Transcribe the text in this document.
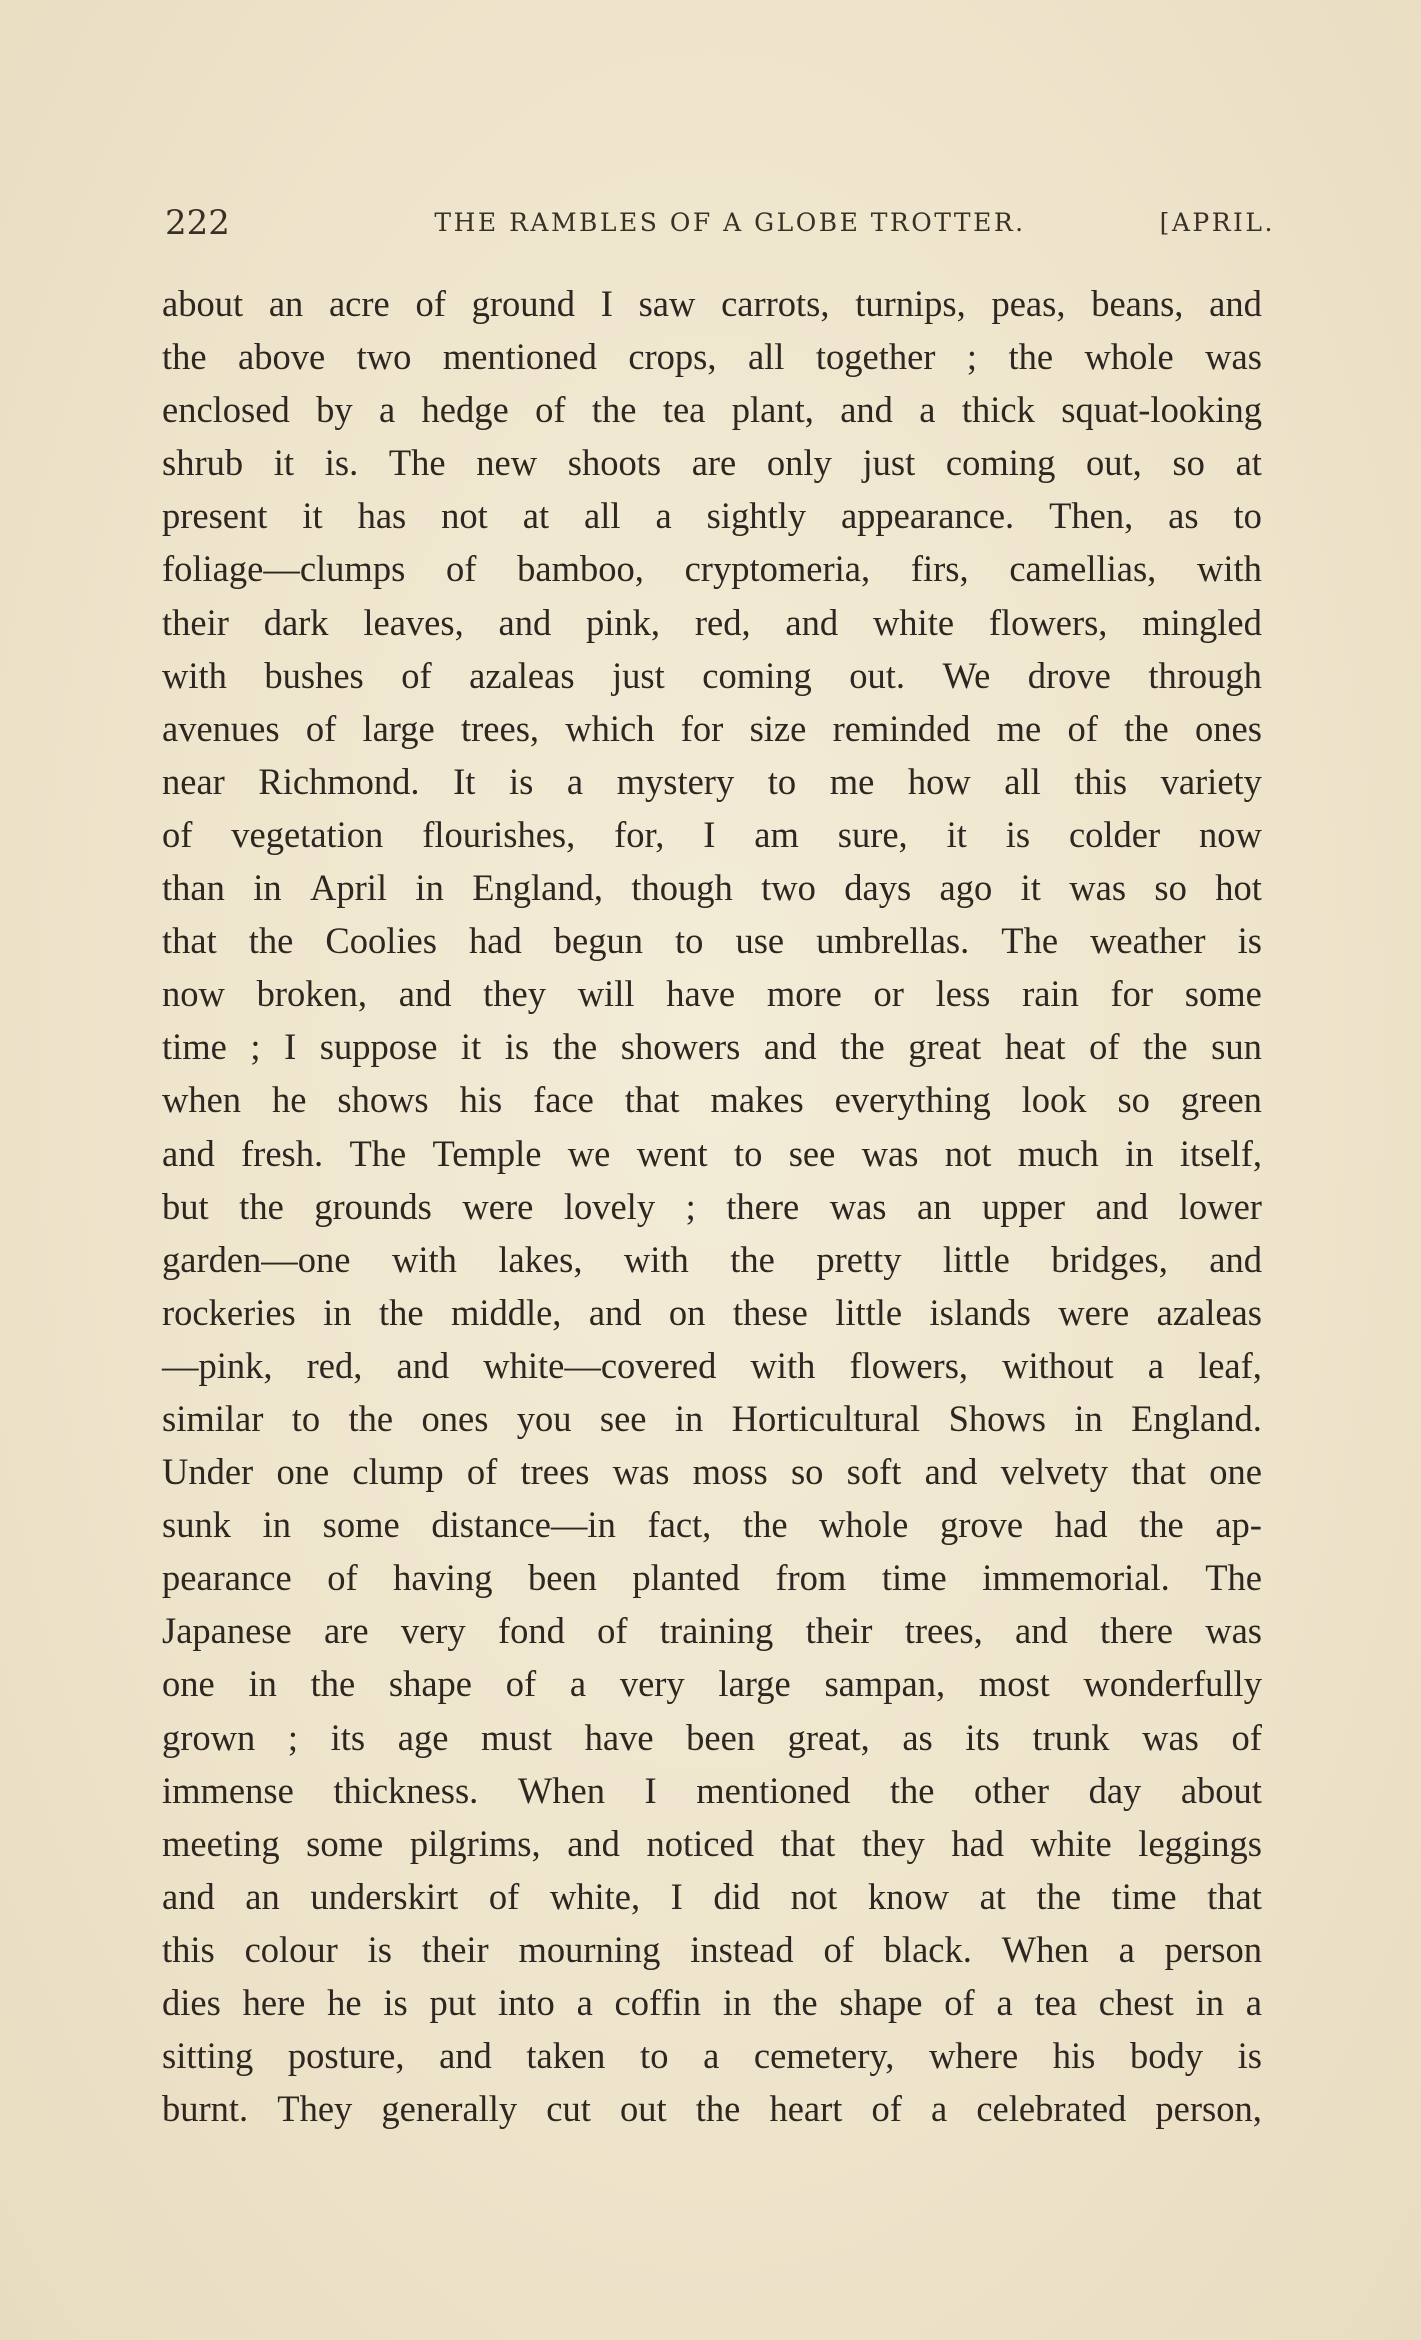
222	THE RAMBLES OF A GLOBE TROTTER.	[APRIL.
about an acre of ground I saw carrots, turnips, peas, beans, and
the above two mentioned crops, all together ; the whole was
enclosed by a hedge of the tea plant, and a thick squat-looking
shrub it is. The new shoots are only just coming out, so at
present it has not at all a sightly appearance. Then, as to
foliage—clumps of bamboo, cryptomeria, firs, camellias, with
their dark leaves, and pink, red, and white flowers, mingled
with bushes of azaleas just coming out. We drove through
avenues of large trees, which for size reminded me of the ones
near Richmond. It is a mystery to me how all this variety
of vegetation flourishes, for, I am sure, it is colder now
than in April in England, though two days ago it was so hot
that the Coolies had begun to use umbrellas. The weather is
now broken, and they will have more or less rain for some
time ; I suppose it is the showers and the great heat of the sun
when he shows his face that makes everything look so green
and fresh. The Temple we went to see was not much in itself,
but the grounds were lovely ; there was an upper and lower
garden—one with lakes, with the pretty little bridges, and
rockeries in the middle, and on these little islands were azaleas
—pink, red, and white—covered with flowers, without a leaf,
similar to the ones you see in Horticultural Shows in England.
Under one clump of trees was moss so soft and velvety that one
sunk in some distance—in fact, the whole grove had the ap-
pearance of having been planted from time immemorial. The
Japanese are very fond of training their trees, and there was
one in the shape of a very large sampan, most wonderfully
grown ; its age must have been great, as its trunk was of
immense thickness. When I mentioned the other day about
meeting some pilgrims, and noticed that they had white leggings
and an underskirt of white, I did not know at the time that
this colour is their mourning instead of black. When a person
dies here he is put into a coffin in the shape of a tea chest in a
sitting posture, and taken to a cemetery, where his body is
burnt. They generally cut out the heart of a celebrated person,
